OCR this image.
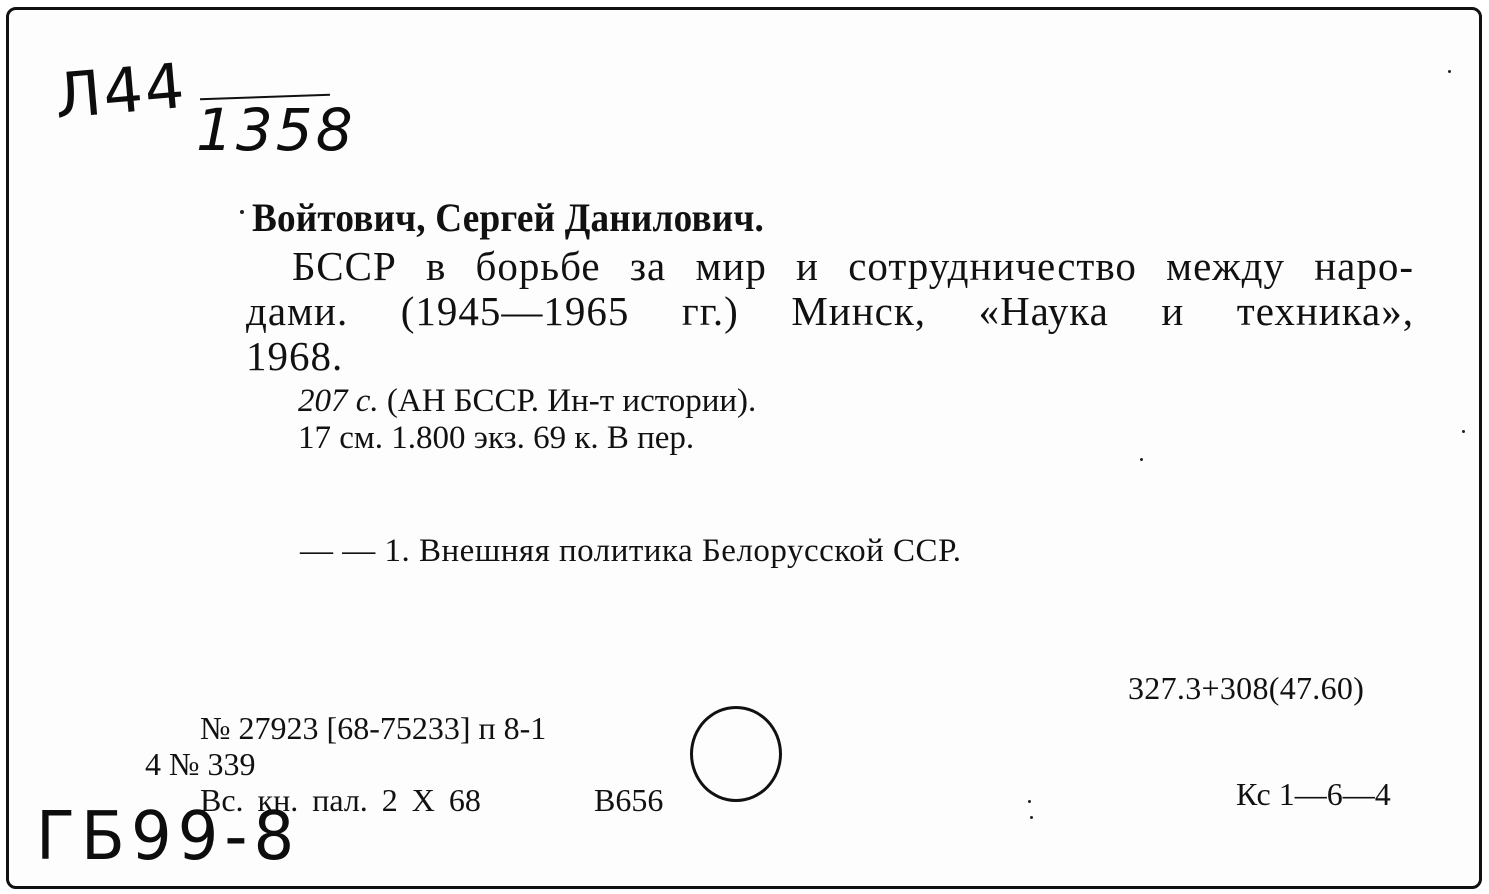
Л44 1358
Войтович, Сергей Данилович.
БССР в борьбе за мир и сотрудничество между наро-
дами. (1945—1965 гг.) Минск, «Наука и техника»,
1968.
207 с. (АН БССР. Ин-т истории).
17 см. 1.800 экз. 69 к. В пер.
— — 1. Внешняя политика Белорусской ССР.
327.3+308(47.60)
№ 27923 [68-75233] п 8-1
4 № 339
Вс. кн. пал. 2 X 68	В656	Кс 1—6—4
ГБ99-8
